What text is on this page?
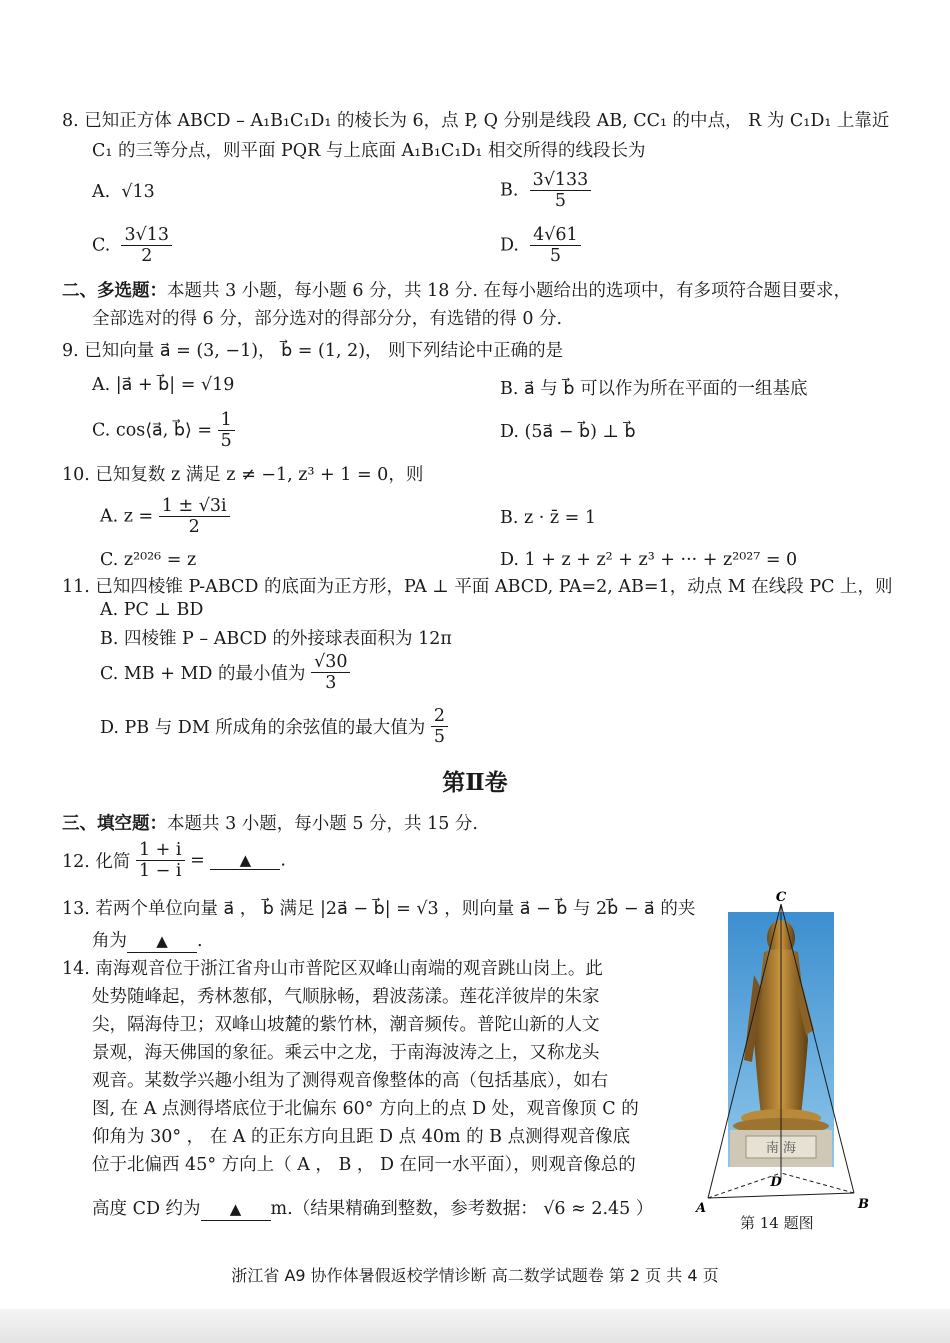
8. 已知正方体 ABCD – A₁B₁C₁D₁ 的棱长为 6，点 P, Q 分别是线段 AB, CC₁ 的中点， R 为 C₁D₁ 上靠近
C₁ 的三等分点，则平面 PQR 与上底面 A₁B₁C₁D₁ 相交所得的线段长为
A. √13	B. $\frac{3√133}{5}$
C. $\frac{3√13}{2}$	D. $\frac{4√61}{5}$
二、多选题：本题共 3 小题，每小题 6 分，共 18 分. 在每小题给出的选项中，有多项符合题目要求，
全部选对的得 6 分，部分选对的得部分分，有选错的得 0 分.
9. 已知向量 a⃗ = (3, −1)， b⃗ = (1, 2)， 则下列结论中正确的是
A. |a⃗ + b⃗| = √19	B. a⃗ 与 b⃗ 可以作为所在平面的一组基底
C. cos⟨a⃗, b⃗⟩ = $\frac{1}{5}$	D. (5a⃗ − b⃗) ⊥ b⃗
10. 已知复数 z 满足 z ≠ −1, z³ + 1 = 0，则
A. $z = \frac{1 \pm √3i}{2}$	B. z · z̄ = 1
C. z²⁰²⁶ = z	D. 1 + z + z² + z³ + ··· + z²⁰²⁷ = 0
11. 已知四棱锥 P-ABCD 的底面为正方形，PA ⊥ 平面 ABCD, PA=2, AB=1，动点 M 在线段 PC 上，则
A. PC ⊥ BD
B. 四棱锥 P – ABCD 的外接球表面积为 12π
C. MB + MD 的最小值为 $\frac{√30}{3}$
D. PB 与 DM 所成角的余弦值的最大值为 $\frac{2}{5}$
第Ⅱ卷
三、填空题：本题共 3 小题，每小题 5 分，共 15 分.
12. 化简 $\frac{1 + i}{1 - i}$ = ▲ .
13. 若两个单位向量 a⃗ ， b⃗ 满足 |2a⃗ − b⃗| = √3 ，则向量 a⃗ − b⃗ 与 2b⃗ − a⃗ 的夹
角为 ▲ .
14. 南海观音位于浙江省舟山市普陀区双峰山南端的观音跳山岗上。此
处势随峰起，秀林葱郁，气顺脉畅，碧波荡漾。莲花洋彼岸的朱家
尖，隔海侍卫；双峰山坡麓的紫竹林，潮音频传。普陀山新的人文
景观，海天佛国的象征。乘云中之龙，于南海波涛之上，又称龙头
观音。某数学兴趣小组为了测得观音像整体的高（包括基底），如右
图, 在 A 点测得塔底位于北偏东 60° 方向上的点 D 处，观音像顶 C 的
仰角为 30° ， 在 A 的正东方向且距 D 点 40m 的 B 点测得观音像底
位于北偏西 45° 方向上（ A ， B ， D 在同一水平面），则观音像总的
高度 CD 约为 ▲ m.（结果精确到整数，参考数据： √6 ≈ 2.45 ）
南 海
C
D
A	B
第 14 题图
浙江省 A9 协作体暑假返校学情诊断 高二数学试题卷 第 2 页 共 4 页
